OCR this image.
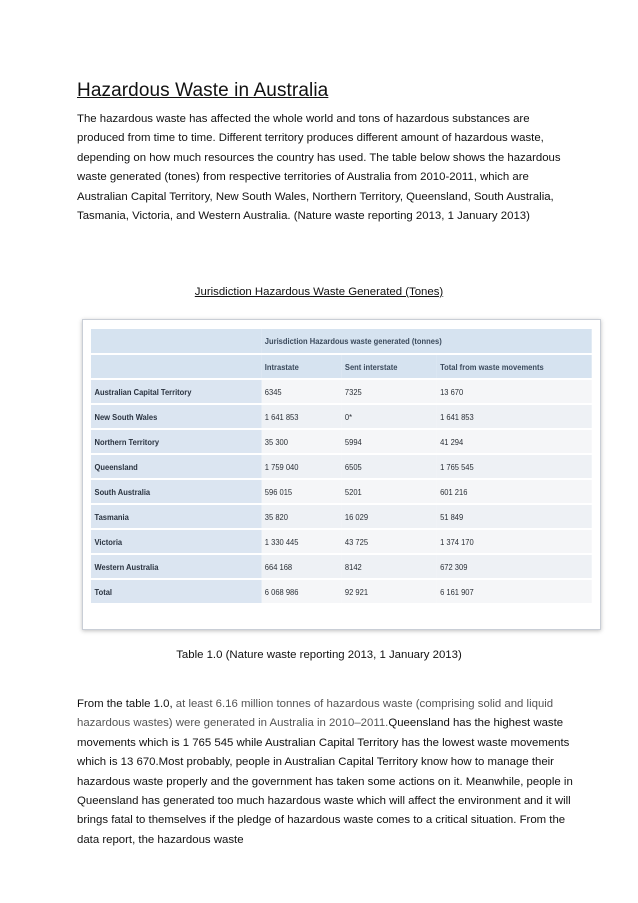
Hazardous Waste in Australia

The hazardous waste has affected the whole world and tons of hazardous substances are produced from time to time. Different territory produces different amount of hazardous waste, depending on how much resources the country has used. The table below shows the hazardous waste generated (tones) from respective territories of Australia from 2010-2011, which are Australian Capital Territory, New South Wales, Northern Territory, Queensland, South Australia, Tasmania, Victoria, and Western Australia. (Nature waste reporting 2013, 1 January 2013)

Jurisdiction Hazardous Waste Generated (Tones)
	Jurisdiction Hazardous waste generated (tonnes)		
	Intrastate	Sent interstate	Total from waste movements
Australian Capital Territory	6345	7325	13 670
New South Wales	1 641 853	0*	1 641 853
Northern Territory	35 300	5994	41 294
Queensland	1 759 040	6505	1 765 545
South Australia	596 015	5201	601 216
Tasmania	35 820	16 029	51 849
Victoria	1 330 445	43 725	1 374 170
Western Australia	664 168	8142	672 309
Total	6 068 986	92 921	6 161 907
Table 1.0 (Nature waste reporting 2013, 1 January 2013)

From the table 1.0, at least 6.16 million tonnes of hazardous waste (comprising solid and liquid hazardous wastes) were generated in Australia in 2010–2011.Queensland has the highest waste movements which is 1 765 545 while Australian Capital Territory has the lowest waste movements which is 13 670.Most probably, people in Australian Capital Territory know how to manage their hazardous waste properly and the government has taken some actions on it. Meanwhile, people in Queensland has generated too much hazardous waste which will affect the environment and it will brings fatal to themselves if the pledge of hazardous waste comes to a critical situation. From the data report, the hazardous waste
